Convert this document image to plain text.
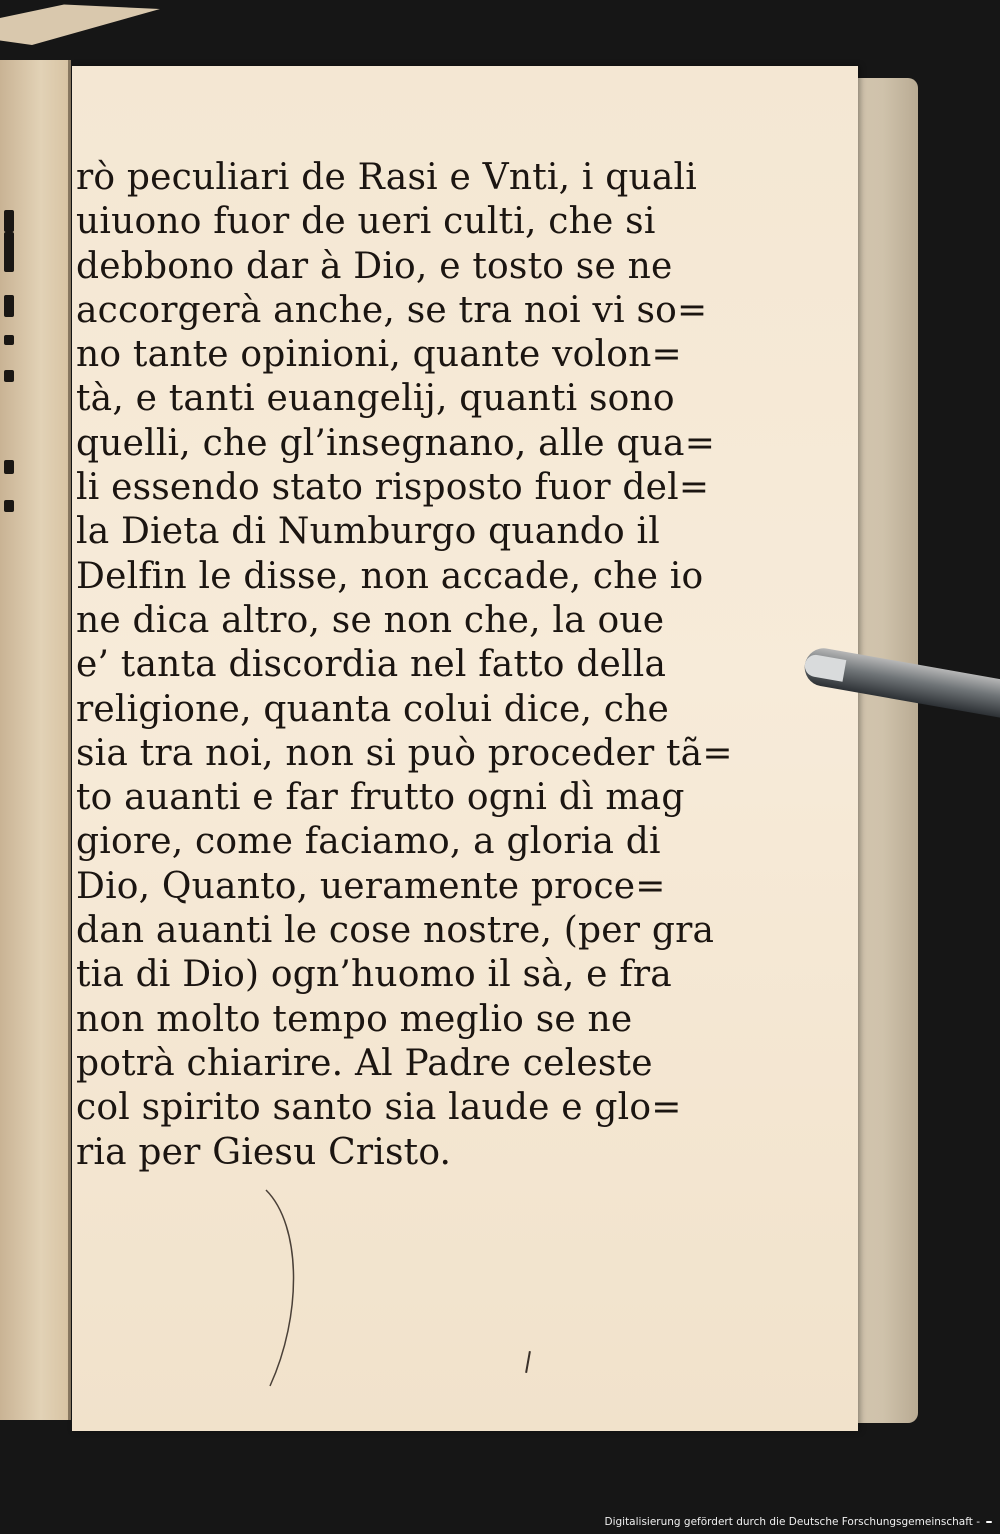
rò peculiari de Rasi e Vnti, i quali
uiuono fuor de ueri culti, che si
debbono dar à Dio, e tosto se ne
accorgerà anche, se tra noi vi so=
no tante opinioni, quante volon=
tà, e tanti euangelij, quanti sono
quelli, che gl’insegnano, alle qua=
li essendo stato risposto fuor del=
la Dieta di Numburgo quando il
Delfin le disse, non accade, che io
ne dica altro, se non che, la oue
e’ tanta discordia nel fatto della
religione, quanta colui dice, che
sia tra noi, non si può proceder tã=
to auanti e far frutto ogni dì mag
giore, come faciamo, a gloria di
Dio, Quanto, ueramente proce=
dan auanti le cose nostre, (per gra
tia di Dio) ogn’huomo il sà, e fra
non molto tempo meglio se ne
potrà chiarire. Al Padre celeste
col spirito santo sia laude e glo=
ria per Giesu Cristo.
Digitalisierung gefördert durch die Deutsche Forschungsgemeinschaft -
